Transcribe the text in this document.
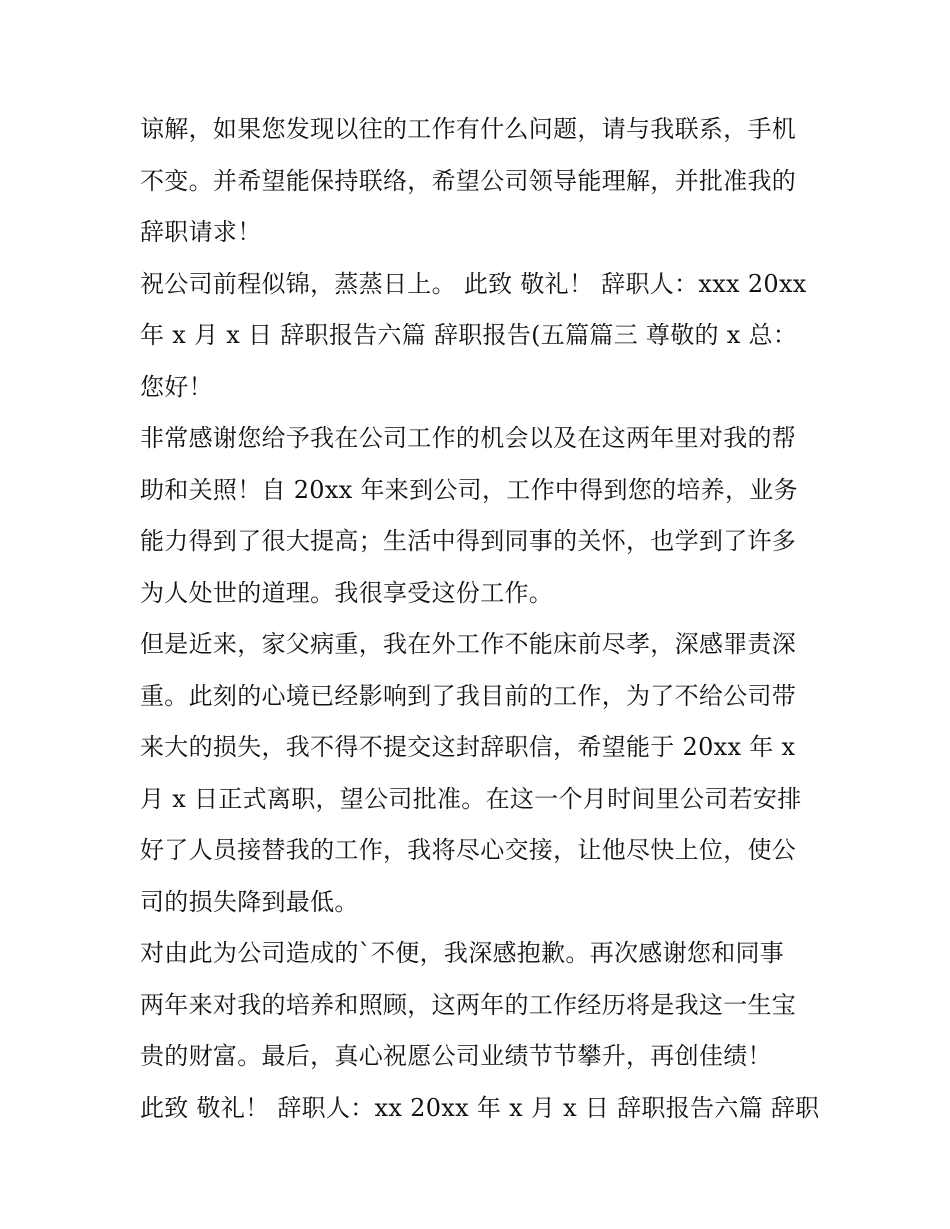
谅解，如果您发现以往的工作有什么问题，请与我联系，手机
不变。并希望能保持联络，希望公司领导能理解，并批准我的
辞职请求！
祝公司前程似锦，蒸蒸日上。 此致 敬礼！ 辞职人：xxx 20xx
年 x 月 x 日 辞职报告六篇 辞职报告(五篇篇三 尊敬的 x 总：
您好！
非常感谢您给予我在公司工作的机会以及在这两年里对我的帮
助和关照！自 20xx 年来到公司，工作中得到您的培养，业务
能力得到了很大提高；生活中得到同事的关怀，也学到了许多
为人处世的道理。我很享受这份工作。
但是近来，家父病重，我在外工作不能床前尽孝，深感罪责深
重。此刻的心境已经影响到了我目前的工作，为了不给公司带
来大的损失，我不得不提交这封辞职信，希望能于 20xx 年 x
月 x 日正式离职，望公司批准。在这一个月时间里公司若安排
好了人员接替我的工作，我将尽心交接，让他尽快上位，使公
司的损失降到最低。
对由此为公司造成的`不便，我深感抱歉。再次感谢您和同事
两年来对我的培养和照顾，这两年的工作经历将是我这一生宝
贵的财富。最后，真心祝愿公司业绩节节攀升，再创佳绩！
此致 敬礼！ 辞职人：xx 20xx 年 x 月 x 日 辞职报告六篇 辞职
